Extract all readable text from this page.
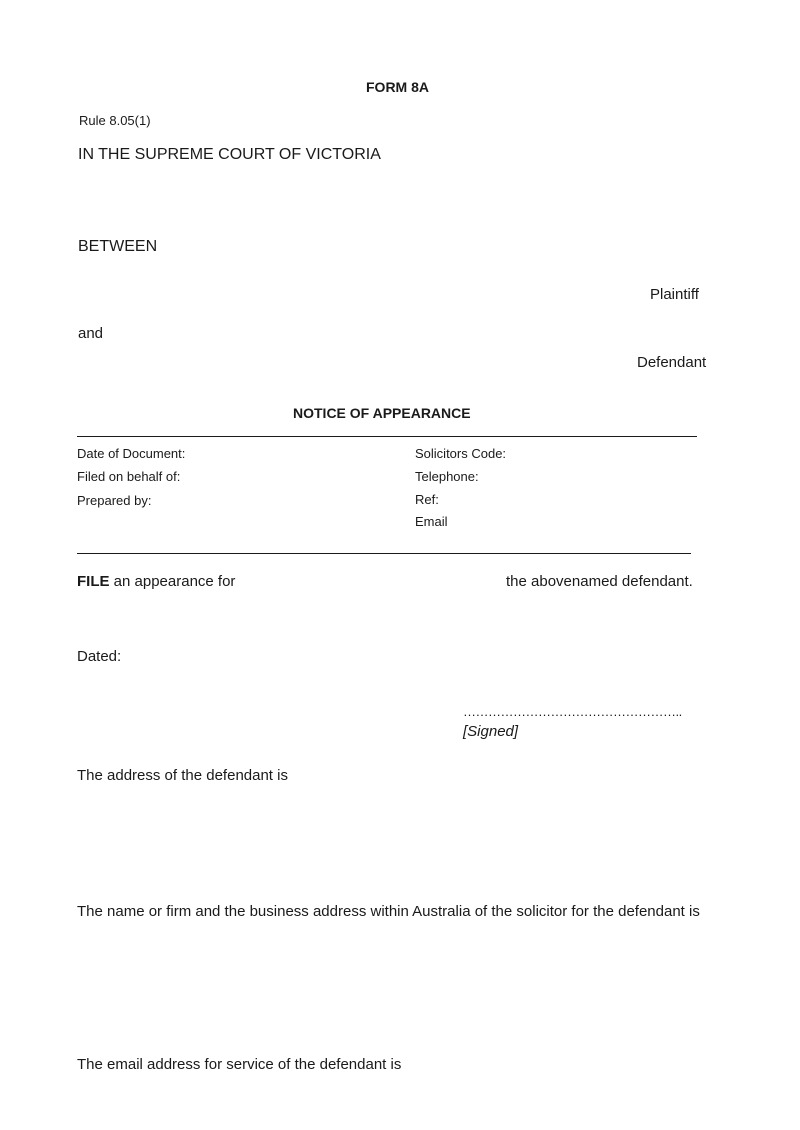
FORM 8A
Rule 8.05(1)
IN THE SUPREME COURT OF VICTORIA
BETWEEN
Plaintiff
and
Defendant
NOTICE OF APPEARANCE
Date of Document:
Filed on behalf of:
Prepared by:
Solicitors Code:
Telephone:
Ref:
Email
FILE an appearance for	the abovenamed defendant.
Dated:
……………………………………………..
[Signed]
The address of the defendant is
The name or firm and the business address within Australia of the solicitor for the defendant is
The email address for service of the defendant is
